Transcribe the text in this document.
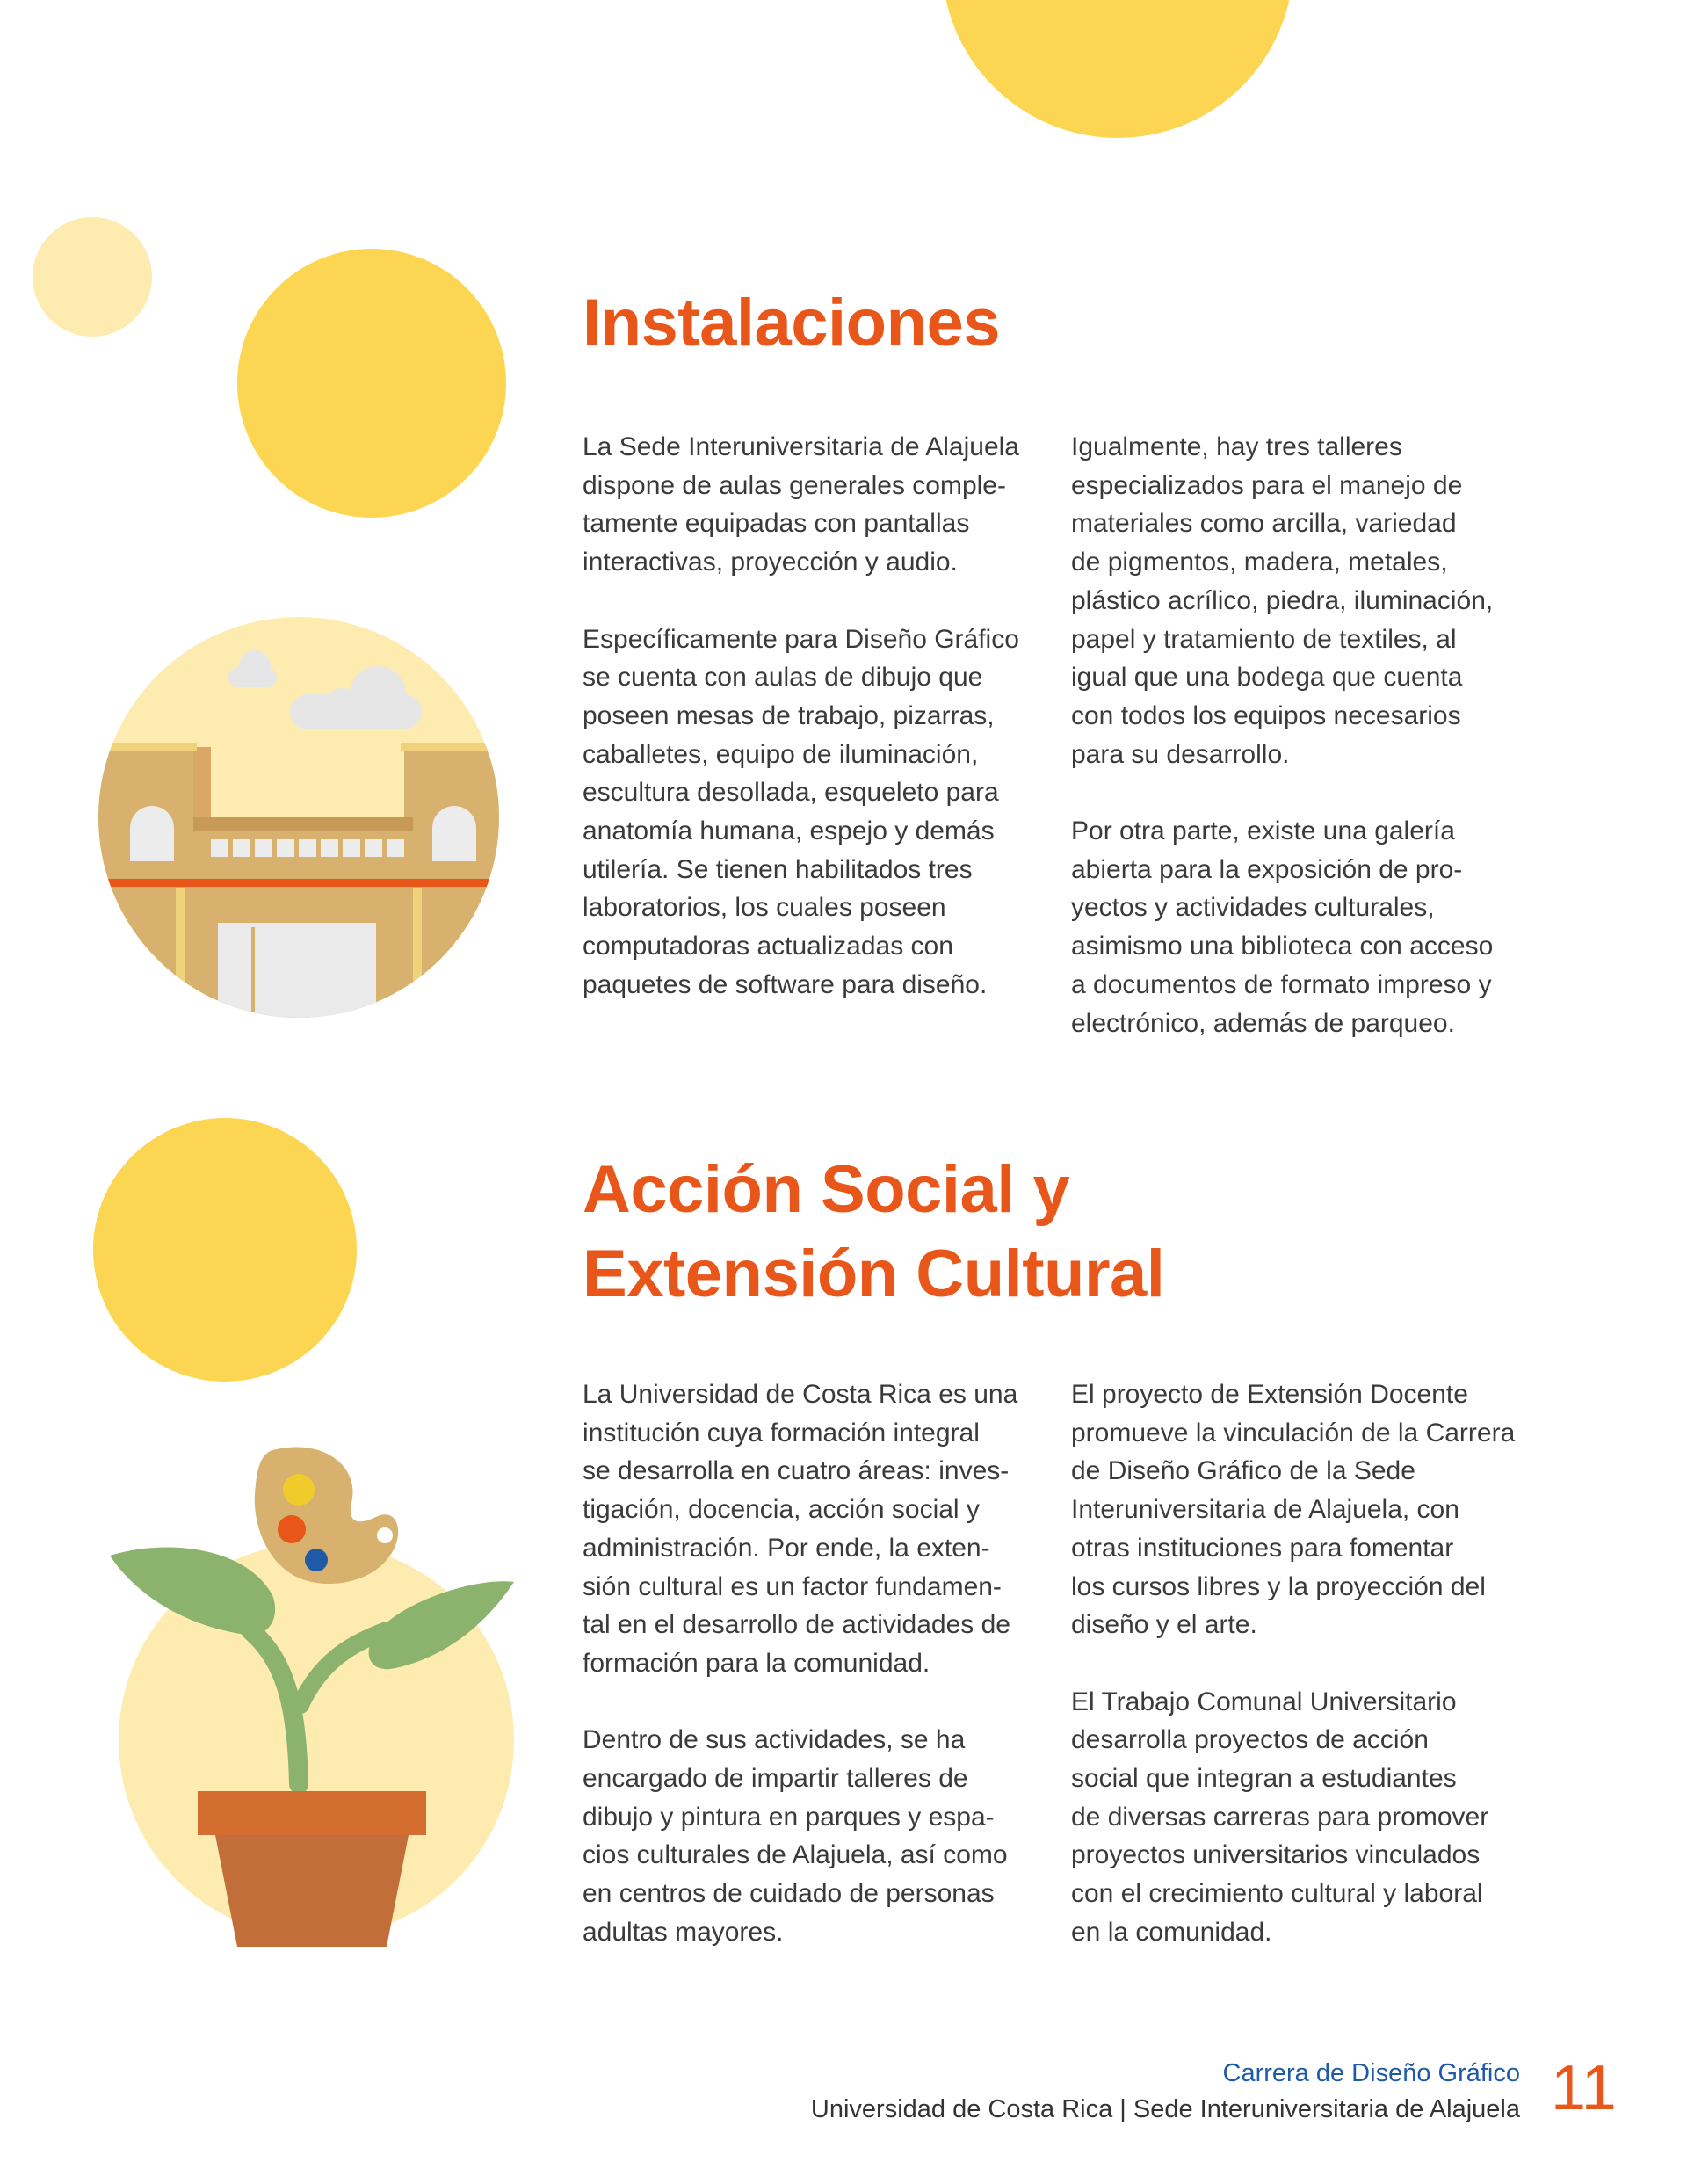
Instalaciones

La Sede Interuniversitaria de Alajuela
dispone de aulas generales comple-
tamente equipadas con pantallas
interactivas, proyección y audio.

Específicamente para Diseño Gráfico
se cuenta con aulas de dibujo que
poseen mesas de trabajo, pizarras,
caballetes, equipo de iluminación,
escultura desollada, esqueleto para
anatomía humana, espejo y demás
utilería. Se tienen habilitados tres
laboratorios, los cuales poseen
computadoras actualizadas con
paquetes de software para diseño.

Igualmente, hay tres talleres
especializados para el manejo de
materiales como arcilla, variedad
de pigmentos, madera, metales,
plástico acrílico, piedra, iluminación,
papel y tratamiento de textiles, al
igual que una bodega que cuenta
con todos los equipos necesarios
para su desarrollo.

Por otra parte, existe una galería
abierta para la exposición de pro-
yectos y actividades culturales,
asimismo una biblioteca con acceso
a documentos de formato impreso y
electrónico, además de parqueo.

Acción Social y
Extensión Cultural

La Universidad de Costa Rica es una
institución cuya formación integral
se desarrolla en cuatro áreas: inves-
tigación, docencia, acción social y
administración. Por ende, la exten-
sión cultural es un factor fundamen-
tal en el desarrollo de actividades de
formación para la comunidad.

Dentro de sus actividades, se ha
encargado de impartir talleres de
dibujo y pintura en parques y espa-
cios culturales de Alajuela, así como
en centros de cuidado de personas
adultas mayores.

El proyecto de Extensión Docente
promueve la vinculación de la Carrera
de Diseño Gráfico de la Sede
Interuniversitaria de Alajuela, con
otras instituciones para fomentar
los cursos libres y la proyección del
diseño y el arte.

El Trabajo Comunal Universitario
desarrolla proyectos de acción
social que integran a estudiantes
de diversas carreras para promover
proyectos universitarios vinculados
con el crecimiento cultural y laboral
en la comunidad.

Carrera de Diseño Gráfico
Universidad de Costa Rica | Sede Interuniversitaria de Alajuela 11
